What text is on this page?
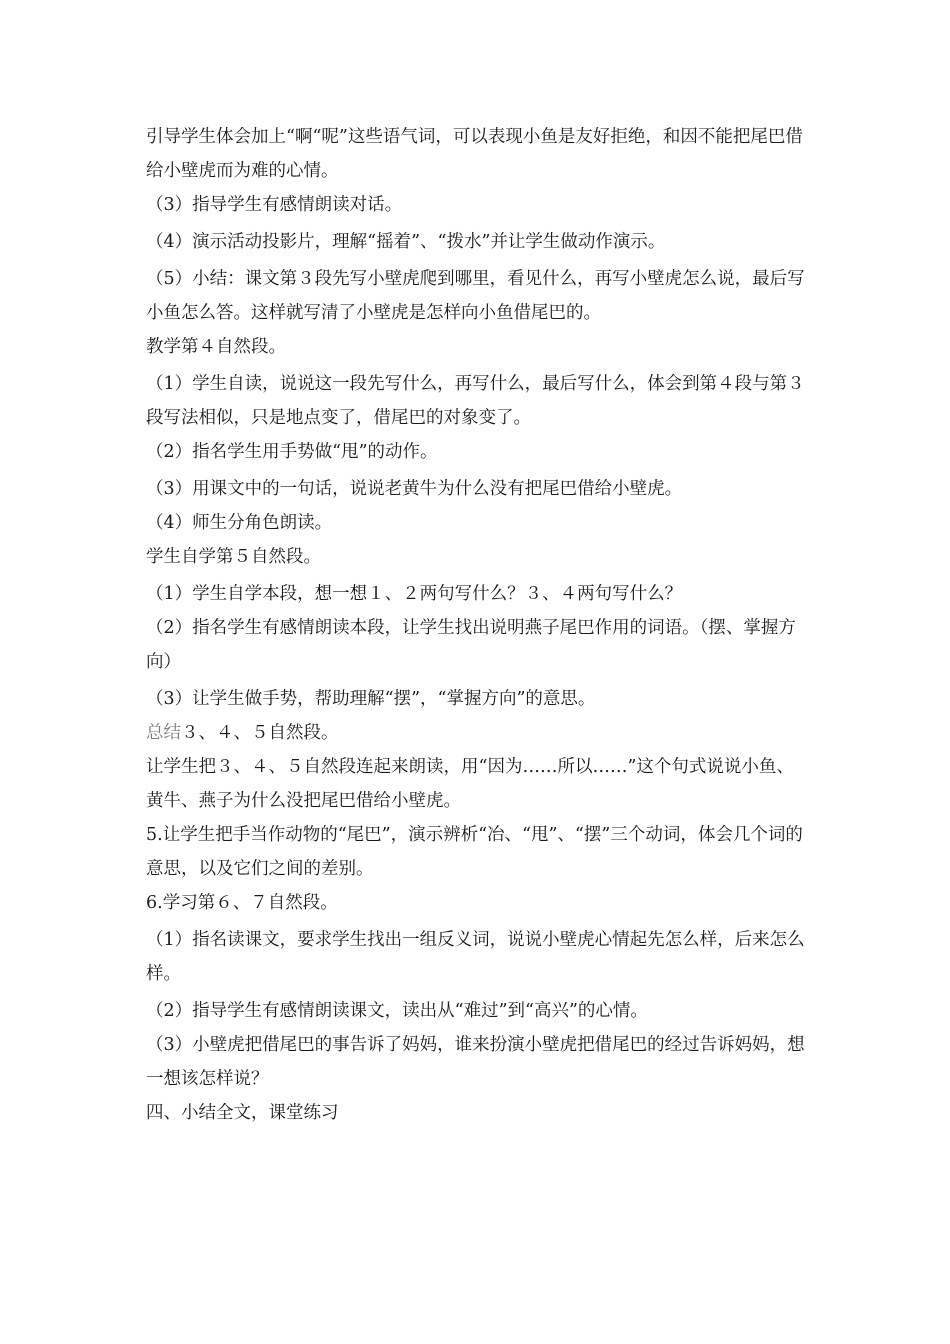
引导学生体会加上“啊“呢”这些语气词，可以表现小鱼是友好拒绝，和因不能把尾巴借给小壁虎而为难的心情。

（3）指导学生有感情朗读对话。

（4）演示活动投影片，理解“摇着”、“拨水”并让学生做动作演示。

（5）小结：课文第３段先写小壁虎爬到哪里，看见什么，再写小壁虎怎么说，最后写小鱼怎么答。这样就写清了小壁虎是怎样向小鱼借尾巴的。

教学第４自然段。

（1）学生自读，说说这一段先写什么，再写什么，最后写什么，体会到第４段与第３段写法相似，只是地点变了，借尾巴的对象变了。

（2）指名学生用手势做“甩”的动作。

（3）用课文中的一句话，说说老黄牛为什么没有把尾巴借给小壁虎。

（4）师生分角色朗读。

学生自学第５自然段。

（1）学生自学本段，想一想１、２两句写什么？３、４两句写什么？

（2）指名学生有感情朗读本段，让学生找出说明燕子尾巴作用的词语。（摆、掌握方向）

（3）让学生做手势，帮助理解“摆”，“掌握方向”的意思。

总结３、４、５自然段。

让学生把３、４、５自然段连起来朗读，用“因为……所以……”这个句式说说小鱼、黄牛、燕子为什么没把尾巴借给小壁虎。

5.让学生把手当作动物的“尾巴”，演示辨析“冶、“甩”、“摆”三个动词，体会几个词的意思，以及它们之间的差别。

6.学习第６、７自然段。

（1）指名读课文，要求学生找出一组反义词，说说小壁虎心情起先怎么样，后来怎么样。

（2）指导学生有感情朗读课文，读出从“难过”到“高兴”的心情。

（3）小壁虎把借尾巴的事告诉了妈妈，谁来扮演小壁虎把借尾巴的经过告诉妈妈，想一想该怎样说？

四、小结全文，课堂练习
